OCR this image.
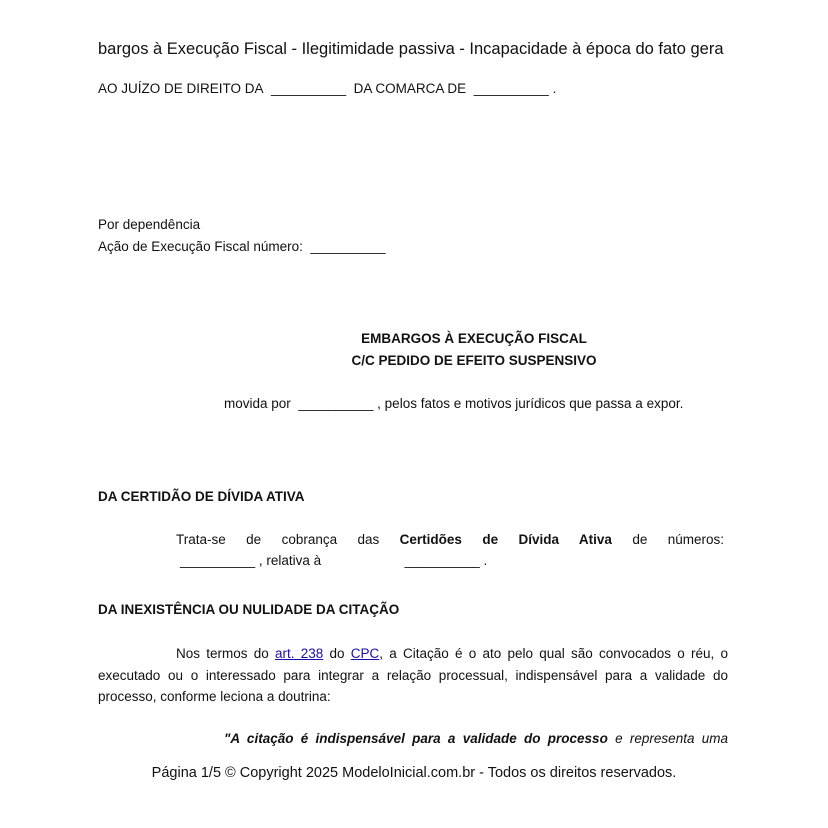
bargos à Execução Fiscal - Ilegitimidade passiva - Incapacidade à época do fato gera
AO JUÍZO DE DIREITO DA __________ DA COMARCA DE __________ .
Por dependência
Ação de Execução Fiscal número: __________
EMBARGOS À EXECUÇÃO FISCAL
C/C PEDIDO DE EFEITO SUSPENSIVO
movida por __________ , pelos fatos e motivos jurídicos que passa a expor.
DA CERTIDÃO DE DÍVIDA ATIVA
Trata-se de cobrança das Certidões de Dívida Ativa de números:
__________ , relativa à	__________ .
DA INEXISTÊNCIA OU NULIDADE DA CITAÇÃO
Nos termos do art. 238 do CPC, a Citação é o ato pelo qual são convocados o réu, o
executado ou o interessado para integrar a relação processual, indispensável para a validade do
processo, conforme leciona a doutrina:
"A citação é indispensável para a validade do processo e representa uma
Página 1/5 © Copyright 2025 ModeloInicial.com.br - Todos os direitos reservados.
